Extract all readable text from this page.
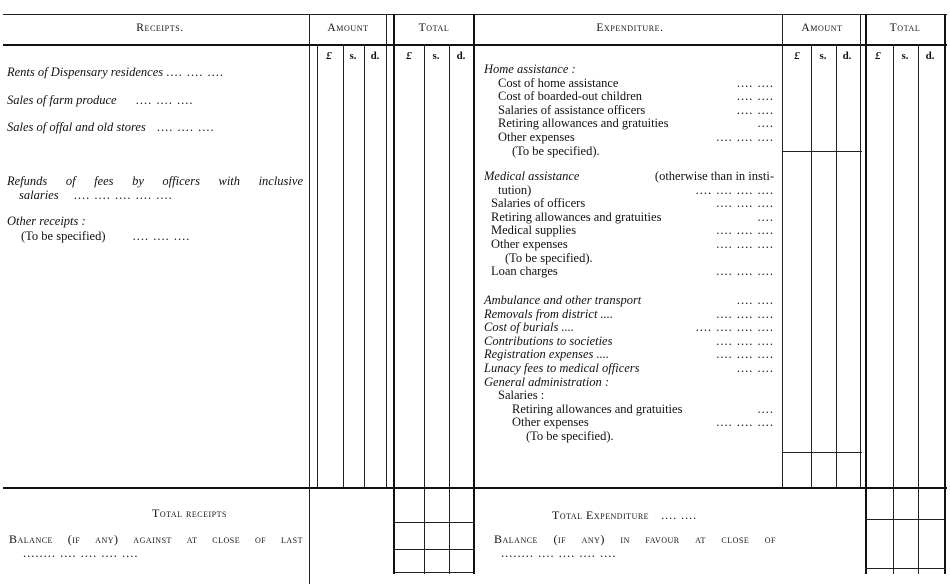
Receipts.	Amount	Total	Expenditure.	Amount	Total
£	s.	d.	£	s.	d.	£	s.	d.	£	s.	d.
Rents of Dispensary residences .... .... ....
Sales of farm produce .... .... ....
Sales of offal and old stores .... .... ....
Refunds of fees by officers with inclusive
salaries .... .... .... .... ....
Other receipts :
(To be specified) .... .... ....
Home assistance :
Cost of home assistance	.... ....
Cost of boarded-out children	.... ....
Salaries of assistance officers	.... ....
Retiring allowances and gratuities	....
Other expenses	.... .... ....
(To be specified).
Medical assistance	(otherwise than in insti-
tution)	.... .... .... ....
Salaries of officers	.... .... ....
Retiring allowances and gratuities	....
Medical supplies	.... .... ....
Other expenses	.... .... ....
(To be specified).
Loan charges	.... .... ....
Ambulance and other transport	.... ....
Removals from district ....	.... .... ....
Cost of burials ....	.... .... .... ....
Contributions to societies	.... .... ....
Registration expenses ....	.... .... ....
Lunacy fees to medical officers	.... ....
General administration :
Salaries :
Retiring allowances and gratuities	....
Other expenses	.... .... ....
(To be specified).
Total receipts	Total Expenditure .... ....
Balance (if any) against at close of last
........ .... .... .... ....
Balance (if any) in favour at close of
........ .... .... .... ....
